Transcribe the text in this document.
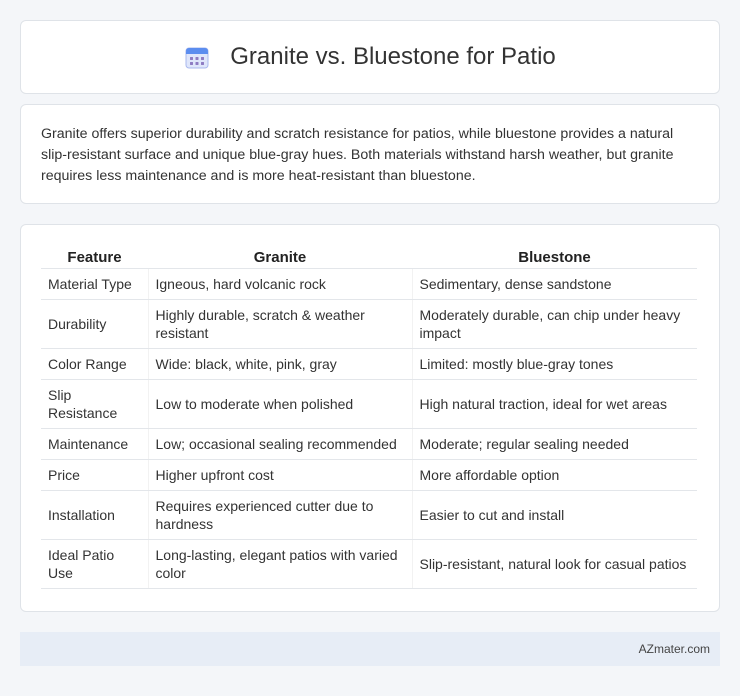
Granite vs. Bluestone for Patio

Granite offers superior durability and scratch resistance for patios, while bluestone provides a natural slip-resistant surface and unique blue-gray hues. Both materials withstand harsh weather, but granite requires less maintenance and is more heat-resistant than bluestone.

Feature	Granite	Bluestone
Material Type	Igneous, hard volcanic rock	Sedimentary, dense sandstone
Durability	Highly durable, scratch & weather resistant	Moderately durable, can chip under heavy impact
Color Range	Wide: black, white, pink, gray	Limited: mostly blue-gray tones
Slip Resistance	Low to moderate when polished	High natural traction, ideal for wet areas
Maintenance	Low; occasional sealing recommended	Moderate; regular sealing needed
Price	Higher upfront cost	More affordable option
Installation	Requires experienced cutter due to hardness	Easier to cut and install
Ideal Patio Use	Long-lasting, elegant patios with varied color	Slip-resistant, natural look for casual patios
AZmater.com
